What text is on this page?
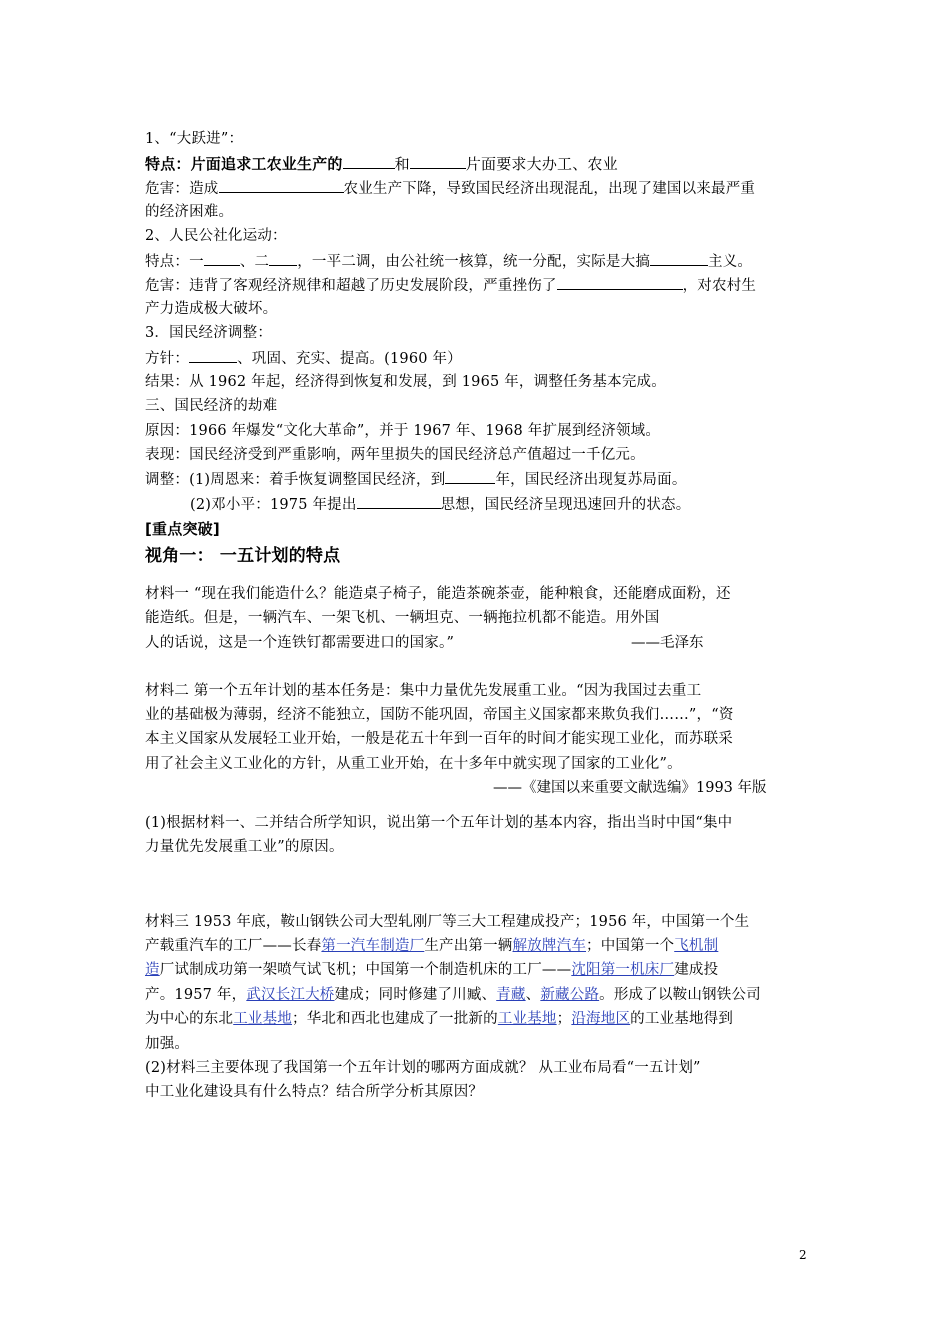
1、“大跃进”：
特点：片面追求工农业生产的	和	片面要求大办工、农业
危害：造成	农业生产下降，导致国民经济出现混乱，出现了建国以来最严重
的经济困难。
2、人民公社化运动：
特点：一 、二 ，一平二调，由公社统一核算，统一分配，实际是大搞	主义。
危害：违背了客观经济规律和超越了历史发展阶段，严重挫伤了	，对农村生
产力造成极大破坏。
3．国民经济调整：
方针：	、巩固、充实、提高。(1960 年）
结果：从 1962 年起，经济得到恢复和发展，到 1965 年，调整任务基本完成。
三、国民经济的劫难
原因：1966 年爆发“文化大革命”，并于 1967 年、1968 年扩展到经济领域。
表现：国民经济受到严重影响，两年里损失的国民经济总产值超过一千亿元。
调整：(1)周恩来：着手恢复调整国民经济，到	年，国民经济出现复苏局面。
(2)邓小平：1975 年提出	思想，国民经济呈现迅速回升的状态。
[重点突破]
视角一： 一五计划的特点
材料一 “现在我们能造什么？能造桌子椅子，能造茶碗茶壶，能种粮食，还能磨成面粉，还
能造纸。但是，一辆汽车、一架飞机、一辆坦克、一辆拖拉机都不能造。用外国
人的话说，这是一个连铁钉都需要进口的国家。”	——毛泽东
材料二 第一个五年计划的基本任务是：集中力量优先发展重工业。“因为我国过去重工
业的基础极为薄弱，经济不能独立，国防不能巩固，帝国主义国家都来欺负我们……”，“资
本主义国家从发展轻工业开始，一般是花五十年到一百年的时间才能实现工业化，而苏联采
用了社会主义工业化的方针，从重工业开始，在十多年中就实现了国家的工业化”。
——《建国以来重要文献选编》1993 年版
(1)根据材料一、二并结合所学知识，说出第一个五年计划的基本内容，指出当时中国“集中
力量优先发展重工业”的原因。
材料三 1953 年底，鞍山钢铁公司大型轧刚厂等三大工程建成投产；1956 年，中国第一个生
产载重汽车的工厂——长春第一汽车制造厂生产出第一辆解放牌汽车；中国第一个飞机制
造厂试制成功第一架喷气试飞机；中国第一个制造机床的工厂——沈阳第一机床厂建成投
产。1957 年，武汉长江大桥建成；同时修建了川臧、青藏、新藏公路。形成了以鞍山钢铁公司
为中心的东北工业基地；华北和西北也建成了一批新的工业基地；沿海地区的工业基地得到
加强。
(2)材料三主要体现了我国第一个五年计划的哪两方面成就？ 从工业布局看“一五计划”
中工业化建设具有什么特点？结合所学分析其原因？
2
